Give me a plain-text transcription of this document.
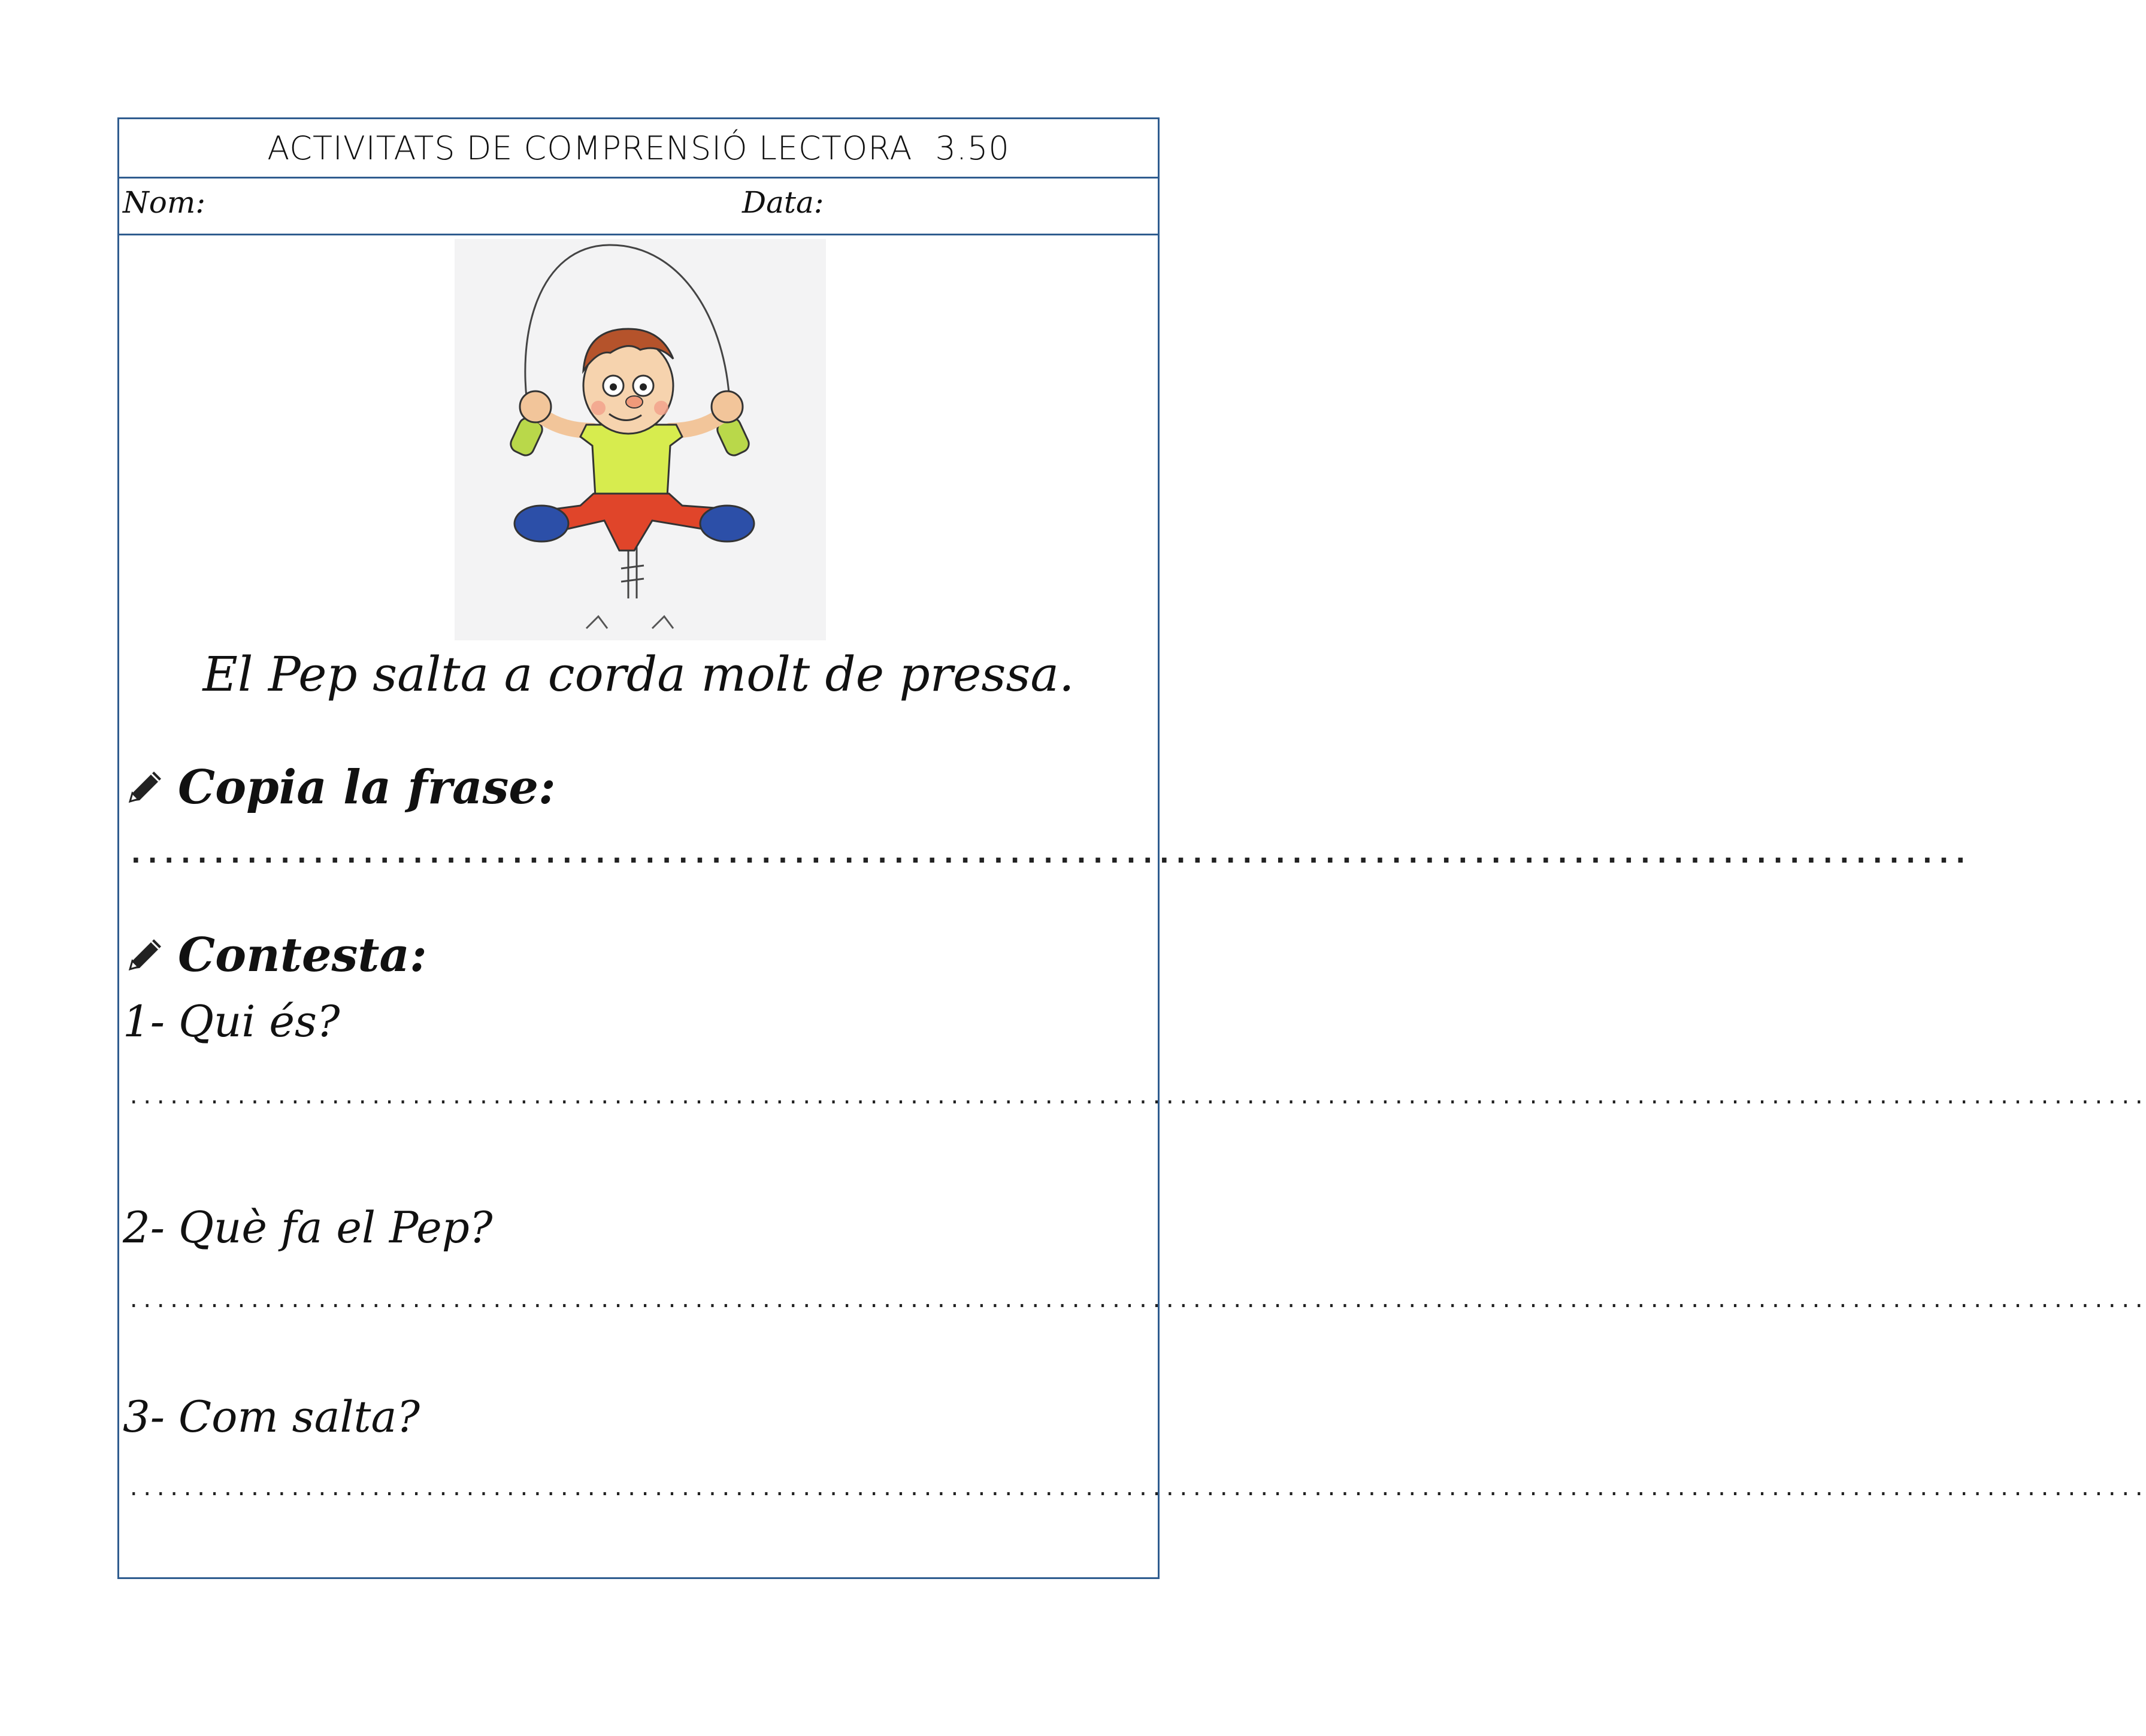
ACTIVITATS DE COMPRENSIÓ LECTORA 3.50
Nom:	Data:
El Pep salta a corda molt de pressa.
Copia la frase:
...............................................................................................................
Contesta:
1- Qui és?
......................................................................................................................................................
2- Què fa el Pep?
......................................................................................................................................................
3- Com salta?
......................................................................................................................................................
